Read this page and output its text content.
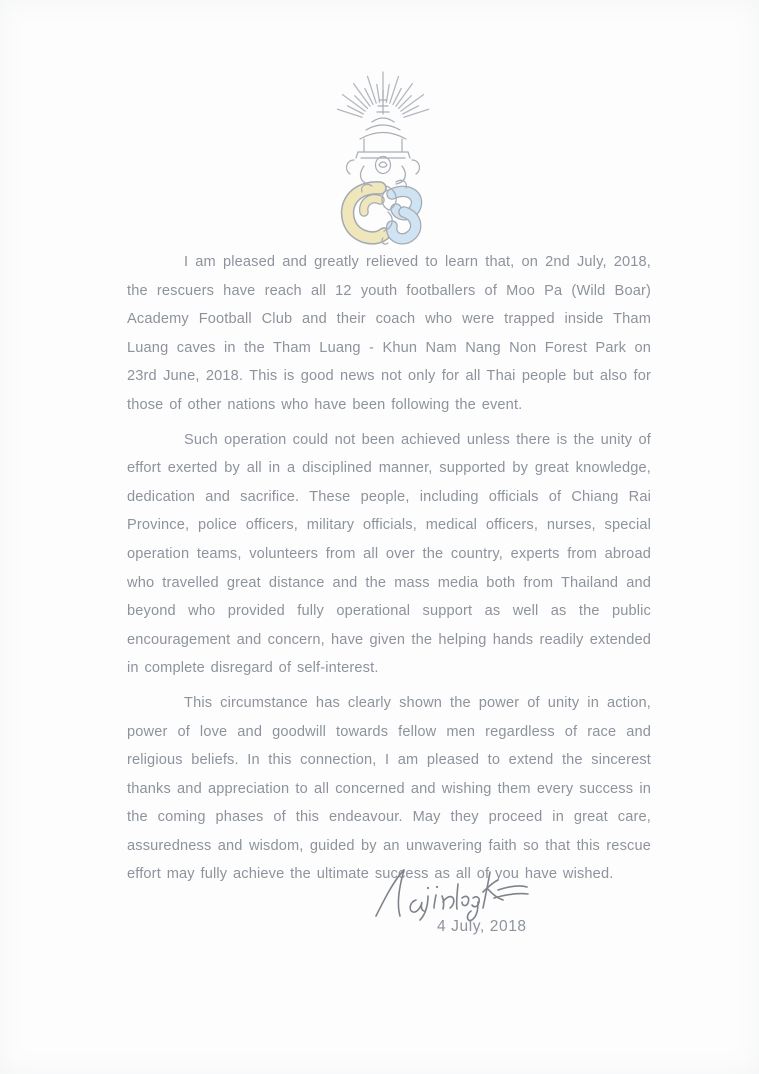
I am pleased and greatly relieved to learn that, on 2nd July, 2018, the rescuers have reach all 12 youth footballers of Moo Pa (Wild Boar) Academy Football Club and their coach who were trapped inside Tham Luang caves in the Tham Luang - Khun Nam Nang Non Forest Park on 23rd June, 2018. This is good news not only for all Thai people but also for those of other nations who have been following the event.

Such operation could not been achieved unless there is the unity of effort exerted by all in a disciplined manner, supported by great knowledge, dedication and sacrifice. These people, including officials of Chiang Rai Province, police officers, military officials, medical officers, nurses, special operation teams, volunteers from all over the country, experts from abroad who travelled great distance and the mass media both from Thailand and beyond who provided fully operational support as well as the public encouragement and concern, have given the helping hands readily extended in complete disregard of self-interest.

This circumstance has clearly shown the power of unity in action, power of love and goodwill towards fellow men regardless of race and religious beliefs. In this connection, I am pleased to extend the sincerest thanks and appreciation to all concerned and wishing them every success in the coming phases of this endeavour. May they proceed in great care, assuredness and wisdom, guided by an unwavering faith so that this rescue effort may fully achieve the ultimate success as all of you have wished.

4 July, 2018
